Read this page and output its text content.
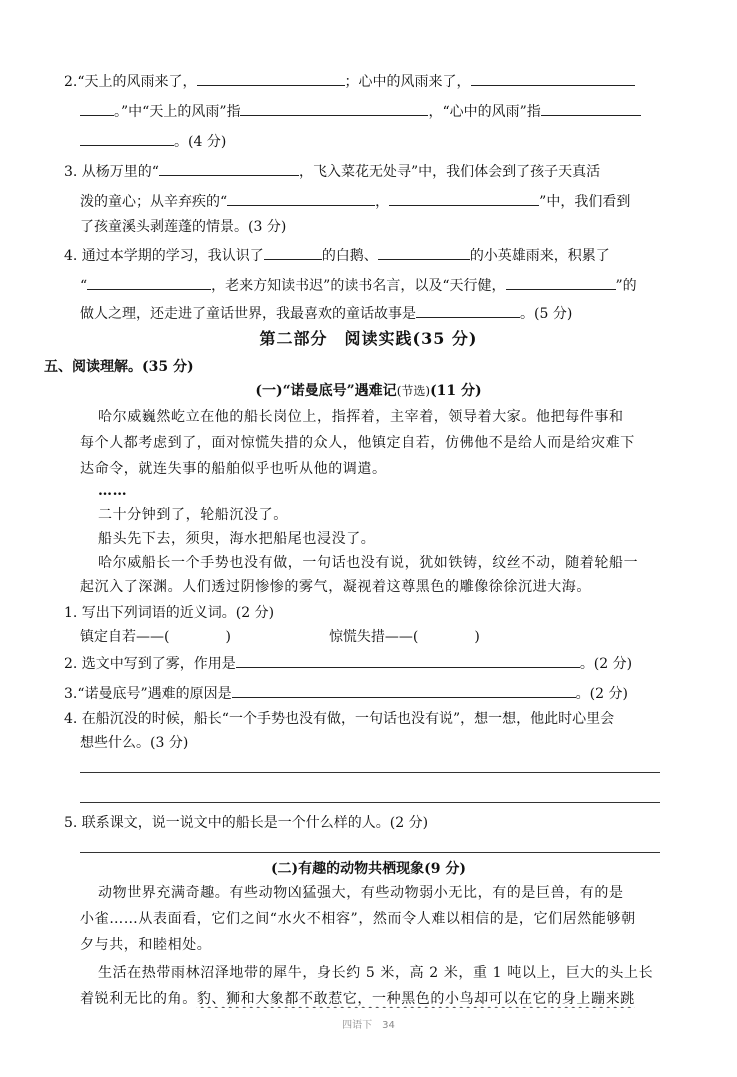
2.“天上的风雨来了，	；心中的风雨来了，
。”中“天上的风雨”指	，“心中的风雨”指
。(4 分)
3. 从杨万里的“	，飞入菜花无处寻”中，我们体会到了孩子天真活
泼的童心；从辛弃疾的“	，	”中，我们看到
了孩童溪头剥莲蓬的情景。(3 分)
4. 通过本学期的学习，我认识了	的白鹅、	的小英雄雨来，积累了
“	，老来方知读书迟”的读书名言，以及“天行健，	”的
做人之理，还走进了童话世界，我最喜欢的童话故事是	。(5 分)
第二部分　阅读实践(35 分)
五、阅读理解。(35 分)
(一)“诺曼底号”遇难记(节选)(11 分)
哈尔威巍然屹立在他的船长岗位上，指挥着，主宰着，领导着大家。他把每件事和
每个人都考虑到了，面对惊慌失措的众人，他镇定自若，仿佛他不是给人而是给灾难下
达命令，就连失事的船舶似乎也听从他的调遣。
……
二十分钟到了，轮船沉没了。
船头先下去，须臾，海水把船尾也浸没了。
哈尔威船长一个手势也没有做，一句话也没有说，犹如铁铸，纹丝不动，随着轮船一
起沉入了深渊。人们透过阴惨惨的雾气，凝视着这尊黑色的雕像徐徐沉进大海。
1. 写出下列词语的近义词。(2 分)
镇定自若——(	)	惊慌失措——(	)
2. 选文中写到了雾，作用是	。(2 分)
3.“诺曼底号”遇难的原因是	。(2 分)
4. 在船沉没的时候，船长“一个手势也没有做，一句话也没有说”，想一想，他此时心里会
想些什么。(3 分)
5. 联系课文，说一说文中的船长是一个什么样的人。(2 分)
(二)有趣的动物共栖现象(9 分)
动物世界充满奇趣。有些动物凶猛强大，有些动物弱小无比，有的是巨兽，有的是
小雀……从表面看，它们之间“水火不相容”，然而令人难以相信的是，它们居然能够朝
夕与共，和睦相处。
生活在热带雨林沼泽地带的犀牛，身长约 5 米，高 2 米，重 1 吨以上，巨大的头上长
着锐利无比的角。豹、狮和大象都不敢惹它，一种黑色的小鸟却可以在它的身上蹦来跳
四语下　34
